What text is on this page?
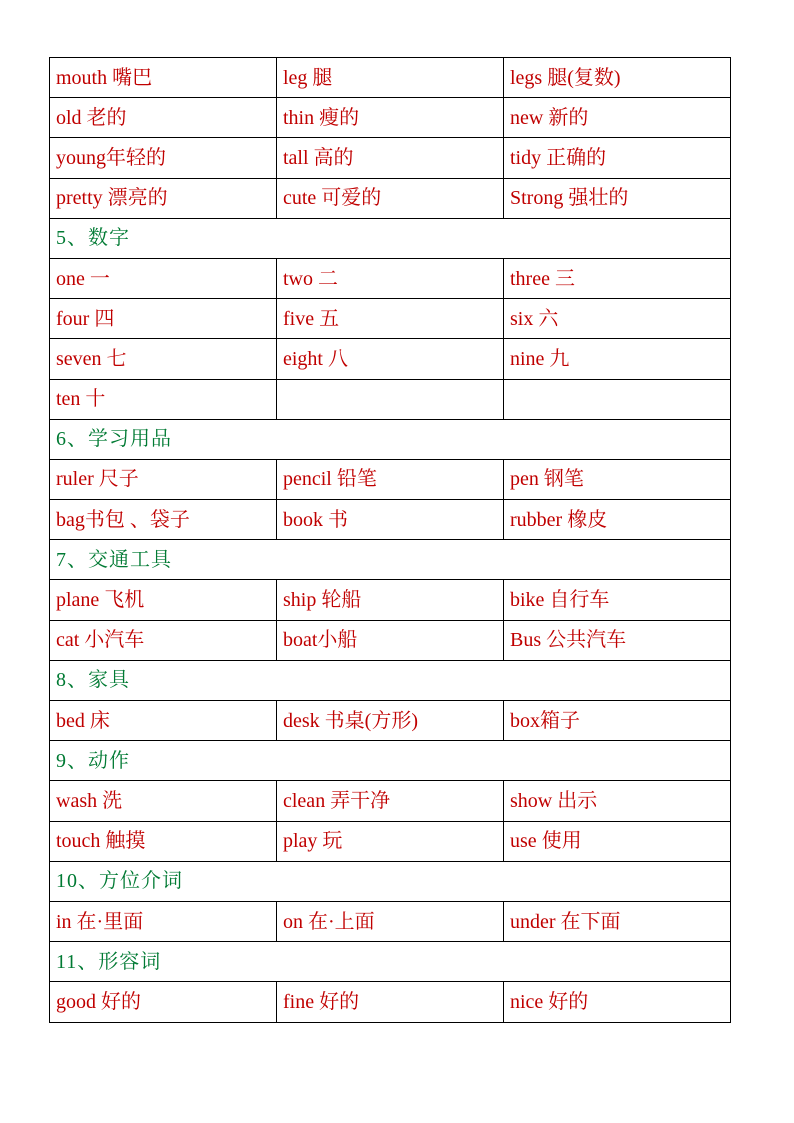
mouth 嘴巴	leg 腿	legs 腿(复数)
old 老的	thin 瘦的	new 新的
young年轻的	tall 高的	tidy 正确的
pretty 漂亮的	cute 可爱的	Strong 强壮的
5、数字		
one 一	two 二	three 三
four 四	five 五	six 六
seven 七	eight 八	nine 九
ten 十		
6、学习用品		
ruler 尺子	pencil 铅笔	pen 钢笔
bag书包 、袋子	book 书	rubber 橡皮
7、交通工具		
plane 飞机	ship 轮船	bike 自行车
cat 小汽车	boat小船	Bus 公共汽车
8、家具		
bed 床	desk 书桌(方形)	box箱子
9、动作		
wash 洗	clean 弄干净	show 出示
touch 触摸	play 玩	use 使用
10、方位介词		
in 在·里面	on 在·上面	under 在下面
11、形容词		
good 好的	fine 好的	nice 好的
